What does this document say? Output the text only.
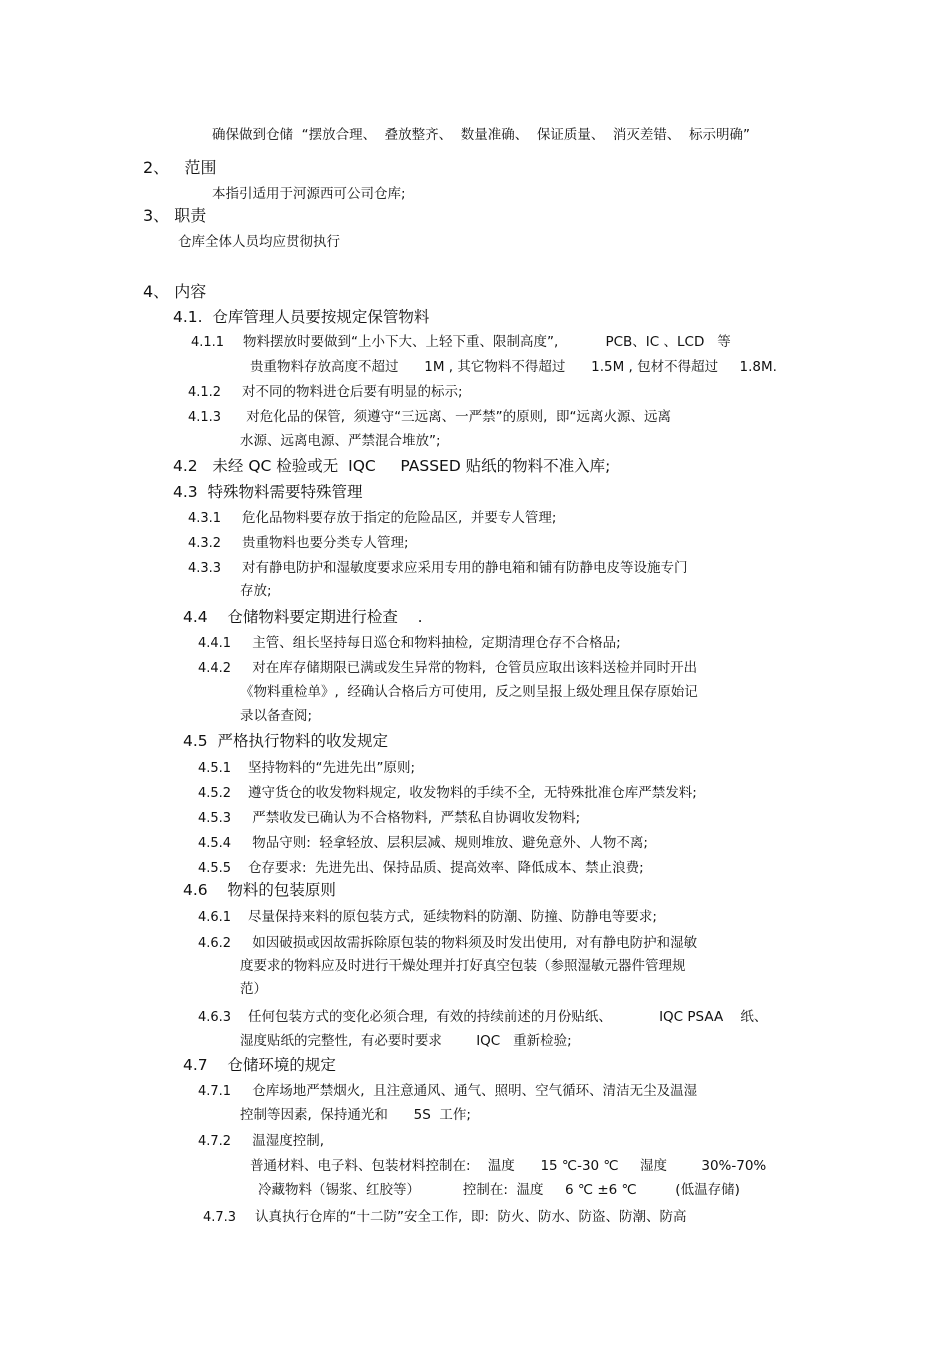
确保做到仓储  “摆放合理、  叠放整齐、  数量准确、  保证质量、  消灭差错、  标示明确”
2、   范围
本指引适用于河源西可公司仓库;
3、 职责
仓库全体人员均应贯彻执行
4、 内容
4.1.  仓库管理人员要按规定保管物料
4.1.1 物料摆放时要做到“上小下大、上轻下重、限制高度”,           PCB、IC 、LCD   等
贵重物料存放高度不超过      1M , 其它物料不得超过      1.5M , 包材不得超过     1.8M.
4.1.2 对不同的物料进仓后要有明显的标示;
4.1.3 对危化品的保管,  须遵守“三远离、一严禁”的原则,  即“远离火源、远离
水源、远离电源、严禁混合堆放”;
4.2   未经 QC 检验或无  IQC     PASSED 贴纸的物料不准入库;
4.3  特殊物料需要特殊管理
4.3.1 危化品物料要存放于指定的危险品区,  并要专人管理;
4.3.2 贵重物料也要分类专人管理;
4.3.3 对有静电防护和湿敏度要求应采用专用的静电箱和铺有防静电皮等设施专门
存放;
4.4    仓储物料要定期进行检查    .
4.4.1 主管、组长坚持每日巡仓和物料抽检,  定期清理仓存不合格品;
4.4.2 对在库存储期限已满或发生异常的物料,  仓管员应取出该料送检并同时开出
《物料重检单》,  经确认合格后方可使用,  反之则呈报上级处理且保存原始记
录以备查阅;
4.5  严格执行物料的收发规定
4.5.1 坚持物料的“先进先出”原则;
4.5.2 遵守货仓的收发物料规定,  收发物料的手续不全,  无特殊批准仓库严禁发料;
4.5.3 严禁收发已确认为不合格物料,  严禁私自协调收发物料;
4.5.4 物品守则:  轻拿轻放、层积层减、规则堆放、避免意外、人物不离;
4.5.5 仓存要求:  先进先出、保持品质、提高效率、降低成本、禁止浪费;
4.6    物料的包装原则
4.6.1 尽量保持来料的原包装方式,  延续物料的防潮、防撞、防静电等要求;
4.6.2 如因破损或因故需拆除原包装的物料须及时发出使用,  对有静电防护和湿敏
度要求的物料应及时进行干燥处理并打好真空包装（参照湿敏元器件管理规
范）
4.6.3 任何包装方式的变化必须合理,  有效的持续前述的月份贴纸、           IQC PSAA    纸、
湿度贴纸的完整性,  有必要时要求        IQC   重新检验;
4.7    仓储环境的规定
4.7.1 仓库场地严禁烟火,  且注意通风、通气、照明、空气循环、清洁无尘及温湿
控制等因素,  保持通光和      5S  工作;
4.7.2 温湿度控制,
普通材料、电子料、包装材料控制在:    温度      15 ℃-30 ℃     湿度        30%-70%
冷藏物料（锡浆、红胶等）          控制在:  温度     6 ℃ ±6 ℃         (低温存储)
4.7.3 认真执行仓库的“十二防”安全工作,  即:  防火、防水、防盗、防潮、防高
